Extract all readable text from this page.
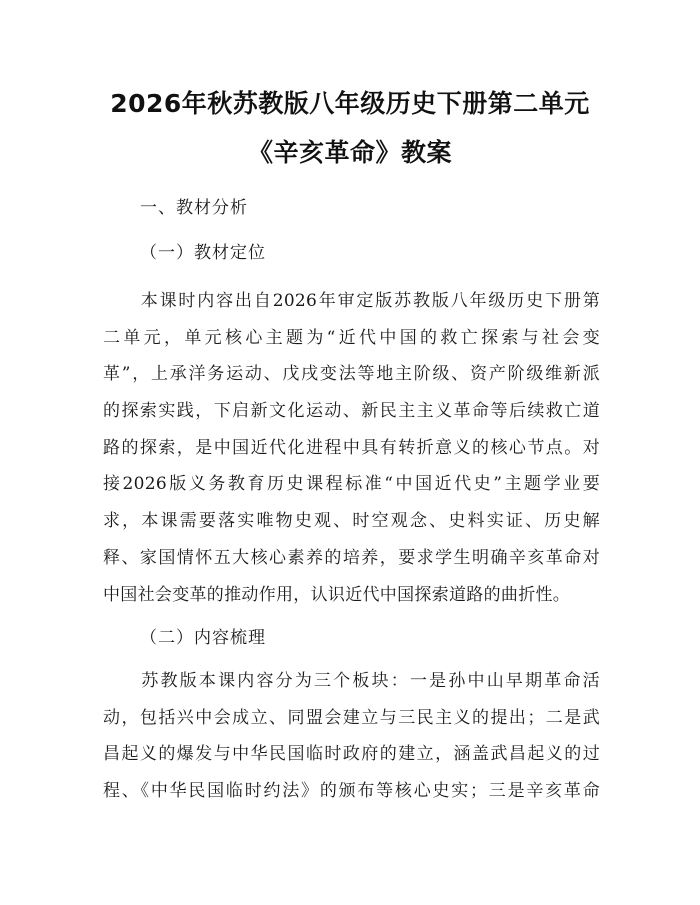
2026年秋苏教版八年级历史下册第二单元
《辛亥革命》教案
一、教材分析
（一）教材定位
　　本课时内容出自2026年审定版苏教版八年级历史下册第
二单元，单元核心主题为“近代中国的救亡探索与社会变
革”，上承洋务运动、戊戌变法等地主阶级、资产阶级维新派
的探索实践，下启新文化运动、新民主主义革命等后续救亡道
路的探索，是中国近代化进程中具有转折意义的核心节点。对
接2026版义务教育历史课程标准“中国近代史”主题学业要
求，本课需要落实唯物史观、时空观念、史料实证、历史解
释、家国情怀五大核心素养的培养，要求学生明确辛亥革命对
中国社会变革的推动作用，认识近代中国探索道路的曲折性。
（二）内容梳理
　　苏教版本课内容分为三个板块：一是孙中山早期革命活
动，包括兴中会成立、同盟会建立与三民主义的提出；二是武
昌起义的爆发与中华民国临时政府的建立，涵盖武昌起义的过
程、《中华民国临时约法》的颁布等核心史实；三是辛亥革命
